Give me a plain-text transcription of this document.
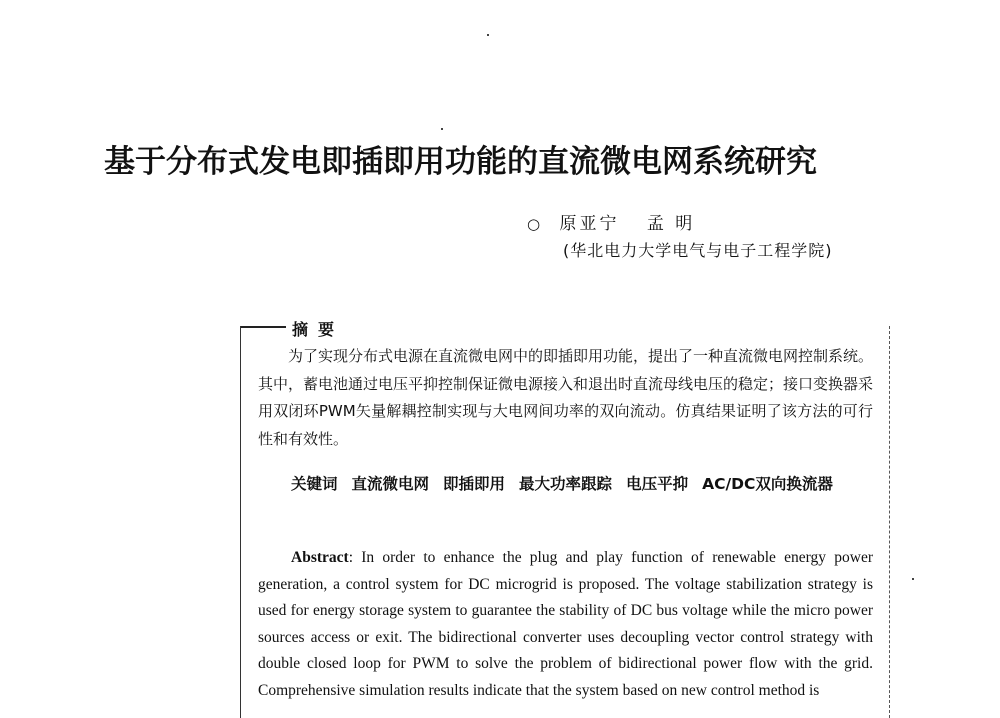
基于分布式发电即插即用功能的直流微电网系统研究
○ 原亚宁 孟 明
(华北电力大学电气与电子工程学院)
摘要
为了实现分布式电源在直流微电网中的即插即用功能，提出了一种直流微电网控制系统。其中，蓄电池通过电压平抑控制保证微电源接入和退出时直流母线电压的稳定；接口变换器采用双闭环PWM矢量解耦控制实现与大电网间功率的双向流动。仿真结果证明了该方法的可行性和有效性。
关键词 直流微电网 即插即用 最大功率跟踪 电压平抑 AC/DC双向换流器
Abstract: In order to enhance the plug and play function of renewable energy power generation, a control system for DC microgrid is proposed. The voltage stabilization strategy is used for energy storage system to guarantee the stability of DC bus voltage while the micro power sources access or exit. The bidirectional converter uses decoupling vector control strategy with double closed loop for PWM to solve the problem of bidirectional power flow with the grid. Comprehensive simulation results indicate that the system based on new control method is
